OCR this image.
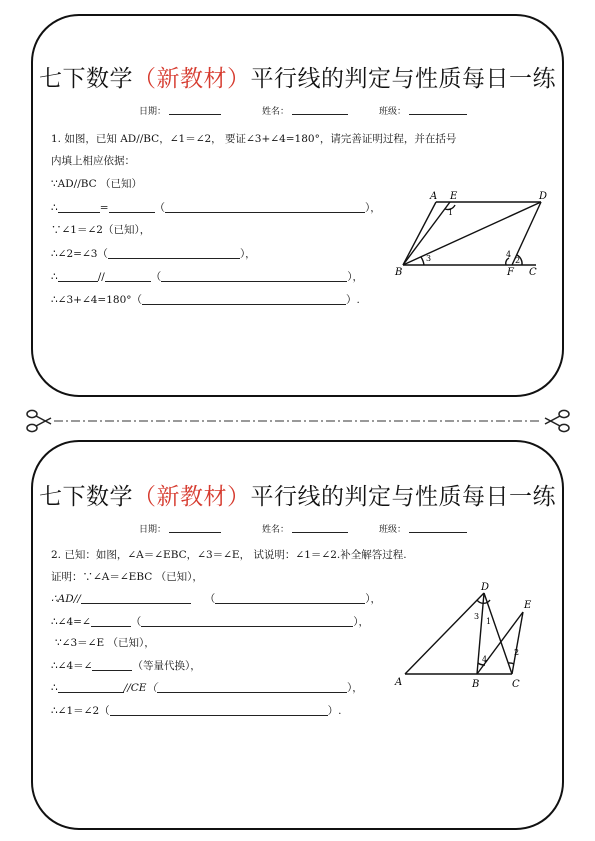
七下数学（新教材）平行线的判定与性质每日一练
日期：	姓名：	班级：
1. 如图，已知 AD//BC，∠1＝∠2， 要证∠3+∠4=180°，请完善证明过程，并在括号
内填上相应依据：
∵AD//BC （已知）
∴	=	（	），
∵∠1＝∠2（已知），
∴∠2=∠3（	），
∴	//	（	），
∴∠3+∠4=180°（	）.
A E	D
B	F C
1
2
3	4
七下数学（新教材）平行线的判定与性质每日一练
日期：	姓名：	班级：
2. 已知：如图，∠A＝∠EBC，∠3＝∠E， 试说明：∠1＝∠2.补全解答过程.
证明：∵∠A＝∠EBC （已知），
∴AD//	（	），
∴∠4=∠	（	），
∵∠3＝∠E （已知），
∴∠4＝∠	（等量代换），
∴	//CE（	），
∴∠1＝∠2（	）.
D
E
A	B	C
1
2
3
4
